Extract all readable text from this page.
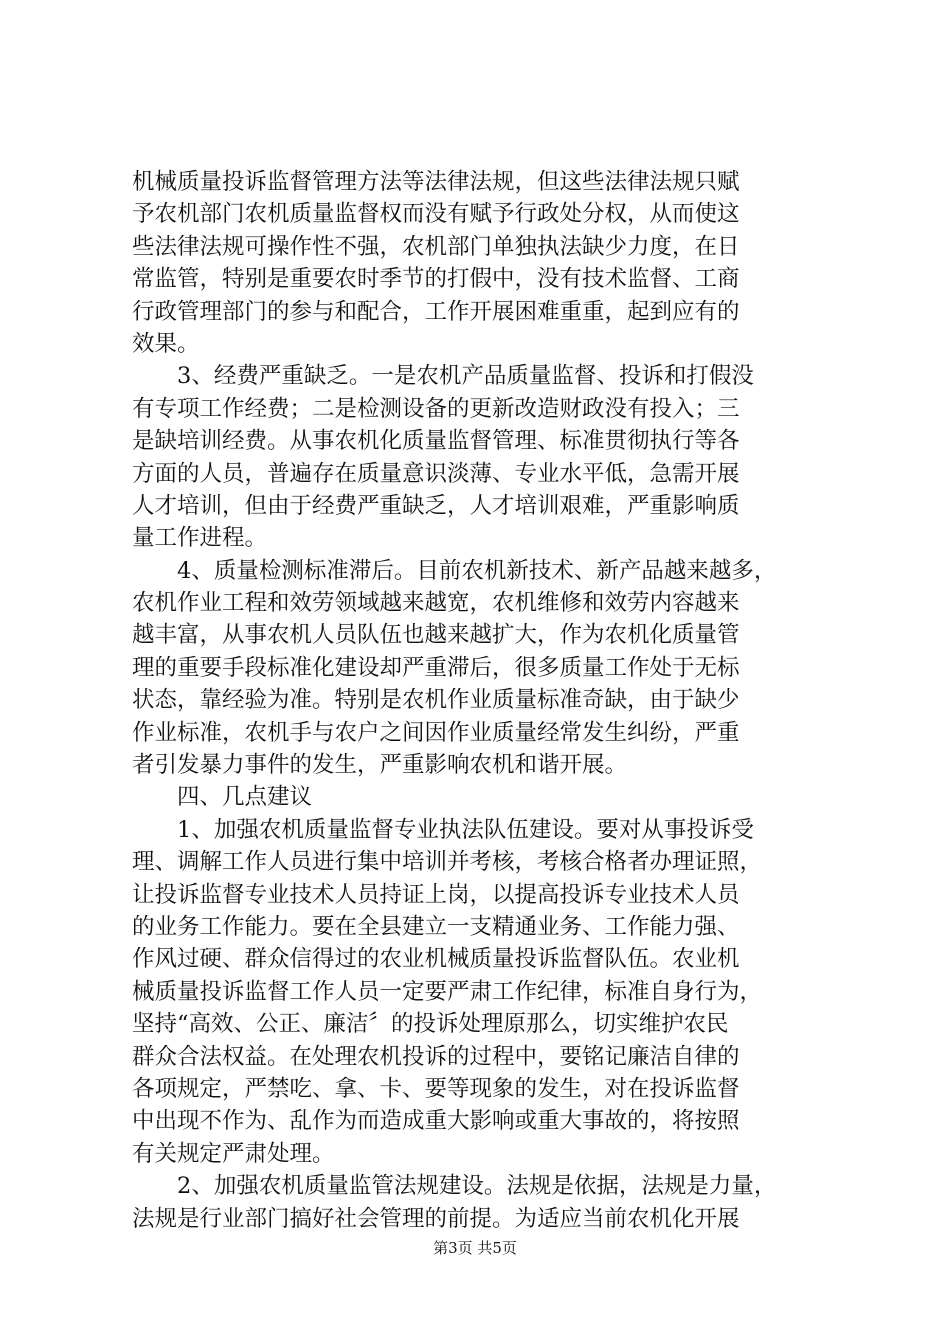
机械质量投诉监督管理方法等法律法规，但这些法律法规只赋
予农机部门农机质量监督权而没有赋予行政处分权，从而使这
些法律法规可操作性不强，农机部门单独执法缺少力度，在日
常监管，特别是重要农时季节的打假中，没有技术监督、工商
行政管理部门的参与和配合，工作开展困难重重，起到应有的
效果。
3、经费严重缺乏。一是农机产品质量监督、投诉和打假没
有专项工作经费；二是检测设备的更新改造财政没有投入；三
是缺培训经费。从事农机化质量监督管理、标准贯彻执行等各
方面的人员，普遍存在质量意识淡薄、专业水平低，急需开展
人才培训，但由于经费严重缺乏，人才培训艰难，严重影响质
量工作进程。
4、质量检测标准滞后。目前农机新技术、新产品越来越多，
农机作业工程和效劳领域越来越宽，农机维修和效劳内容越来
越丰富，从事农机人员队伍也越来越扩大，作为农机化质量管
理的重要手段标准化建设却严重滞后，很多质量工作处于无标
状态，靠经验为准。特别是农机作业质量标准奇缺，由于缺少
作业标准，农机手与农户之间因作业质量经常发生纠纷，严重
者引发暴力事件的发生，严重影响农机和谐开展。
四、几点建议
1、加强农机质量监督专业执法队伍建设。要对从事投诉受
理、调解工作人员进行集中培训并考核，考核合格者办理证照，
让投诉监督专业技术人员持证上岗，以提高投诉专业技术人员
的业务工作能力。要在全县建立一支精通业务、工作能力强、
作风过硬、群众信得过的农业机械质量投诉监督队伍。农业机
械质量投诉监督工作人员一定要严肃工作纪律，标准自身行为，
坚持“高效、公正、廉洁〞的投诉处理原那么，切实维护农民
群众合法权益。在处理农机投诉的过程中，要铭记廉洁自律的
各项规定，严禁吃、拿、卡、要等现象的发生，对在投诉监督
中出现不作为、乱作为而造成重大影响或重大事故的，将按照
有关规定严肃处理。
2、加强农机质量监管法规建设。法规是依据，法规是力量，
法规是行业部门搞好社会管理的前提。为适应当前农机化开展
第3页 共5页
